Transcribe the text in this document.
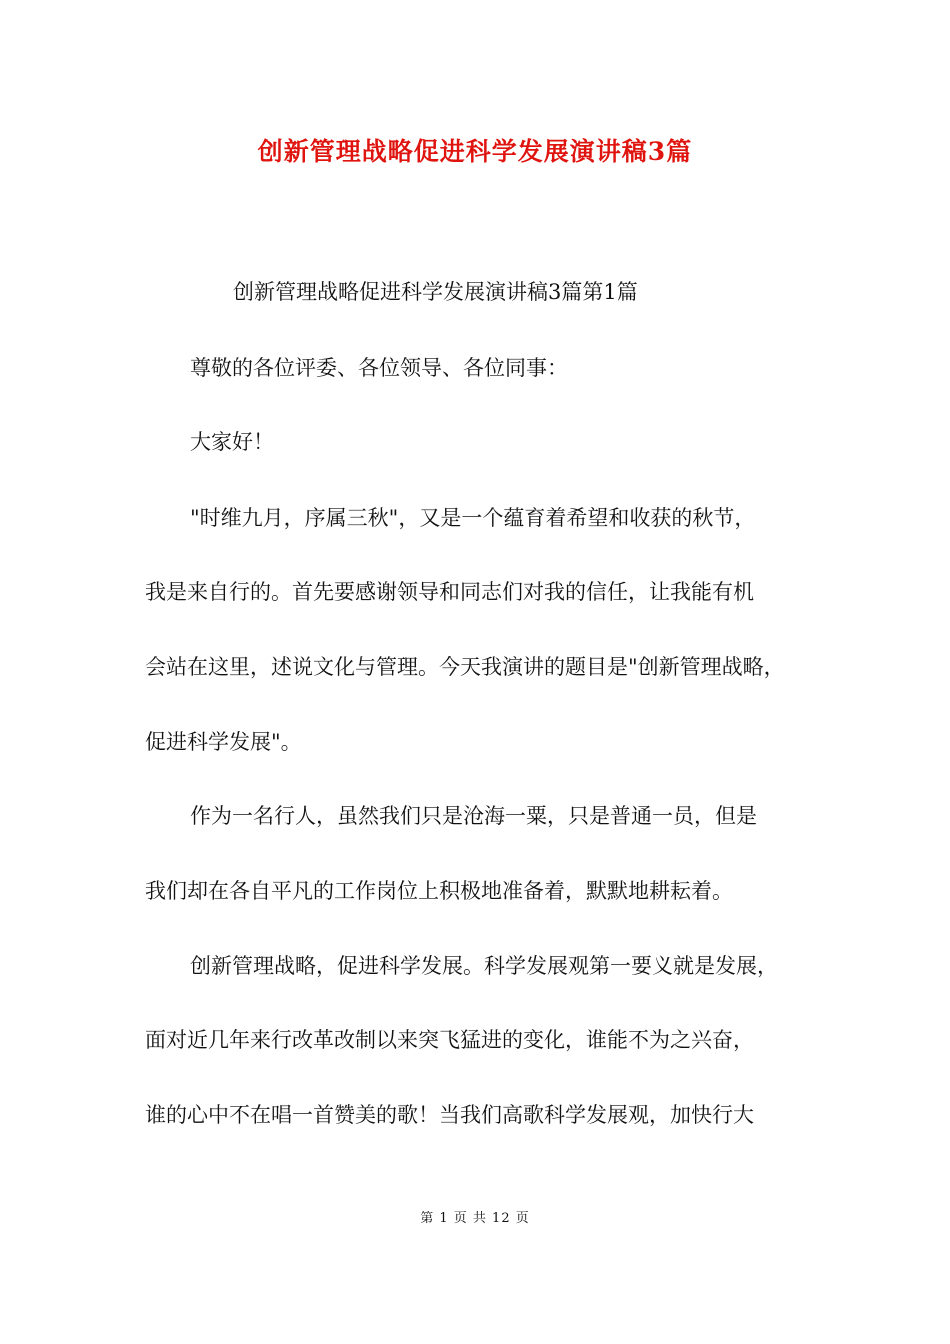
创新管理战略促进科学发展演讲稿3篇
创新管理战略促进科学发展演讲稿3篇第1篇
尊敬的各位评委、各位领导、各位同事：
大家好！
"时维九月，序属三秋"，又是一个蕴育着希望和收获的秋节，
我是来自行的。首先要感谢领导和同志们对我的信任，让我能有机
会站在这里，述说文化与管理。今天我演讲的题目是"创新管理战略，
促进科学发展"。
作为一名行人，虽然我们只是沧海一粟，只是普通一员，但是
我们却在各自平凡的工作岗位上积极地准备着，默默地耕耘着。
创新管理战略，促进科学发展。科学发展观第一要义就是发展，
面对近几年来行改革改制以来突飞猛进的变化，谁能不为之兴奋，
谁的心中不在唱一首赞美的歌！当我们高歌科学发展观，加快行大
第 1 页 共 12 页
